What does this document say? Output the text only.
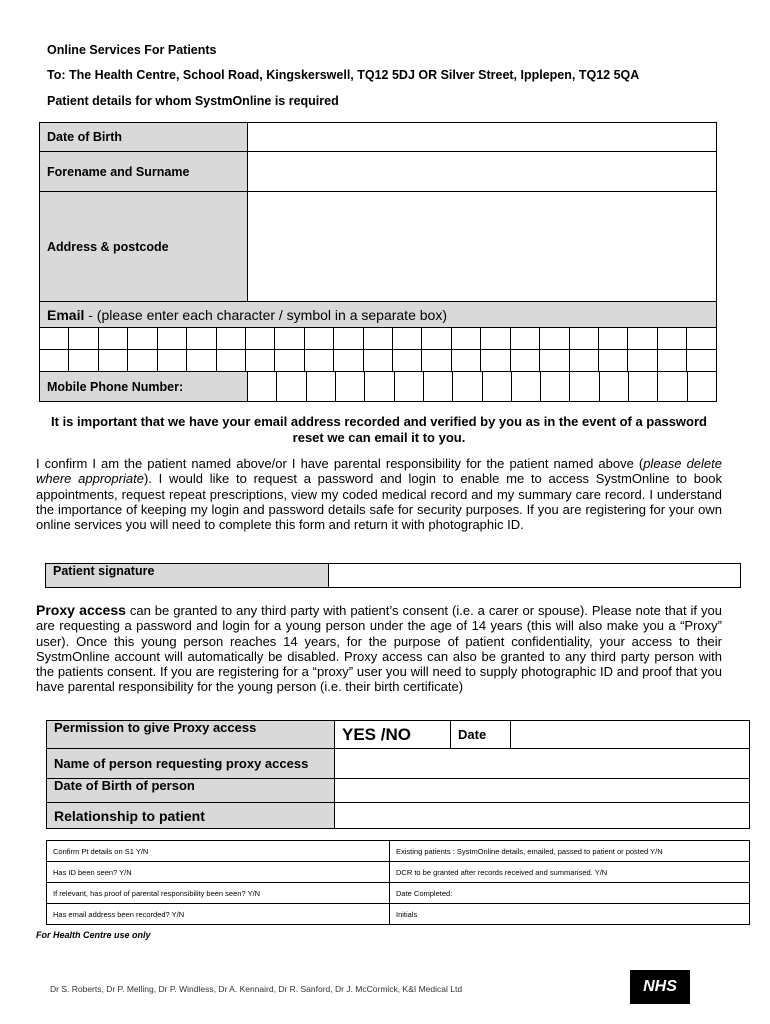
Online Services For Patients
To: The Health Centre, School Road, Kingskerswell, TQ12 5DJ OR Silver Street, Ipplepen, TQ12 5QA
Patient details for whom SystmOnline is required
Date of Birth	
Forename and Surname	
Address & postcode	
Email - (please enter each character / symbol in a separate box)	

Mobile Phone Number:																
It is important that we have your email address recorded and verified by you as in the event of a password reset we can email it to you.
I confirm I am the patient named above/or I have parental responsibility for the patient named above (please delete where appropriate). I would like to request a password and login to enable me to access SystmOnline to book appointments, request repeat prescriptions, view my coded medical record and my summary care record. I understand the importance of keeping my login and password details safe for security purposes. If you are registering for your own online services you will need to complete this form and return it with photographic ID.
Patient signature	
Proxy access can be granted to any third party with patient’s consent (i.e. a carer or spouse). Please note that if you are requesting a password and login for a young person under the age of 14 years (this will also make you a “Proxy” user). Once this young person reaches 14 years, for the purpose of patient confidentiality, your access to their SystmOnline account will automatically be disabled. Proxy access can also be granted to any third party person with the patients consent. If you are registering for a “proxy” user you will need to supply photographic ID and proof that you have parental responsibility for the young person (i.e. their birth certificate)
Permission to give Proxy access	YES /NO	Date	
Name of person requesting proxy access			
Date of Birth of person			
Relationship to patient			
Confirm Pt details on S1 Y/N	Existing patients : SystmOnline details, emailed, passed to patient or posted Y/N
Has ID been seen? Y/N	DCR to be granted after records received and summarised. Y/N
If relevant, has proof of parental responsibility been seen? Y/N	Date Completed:
Has email address been recorded? Y/N	Initials
For Health Centre use only
Dr S. Roberts, Dr P. Melling, Dr P. Windless, Dr A. Kennaird, Dr R. Sanford, Dr J. McCormick, K&I Medical Ltd	NHS
